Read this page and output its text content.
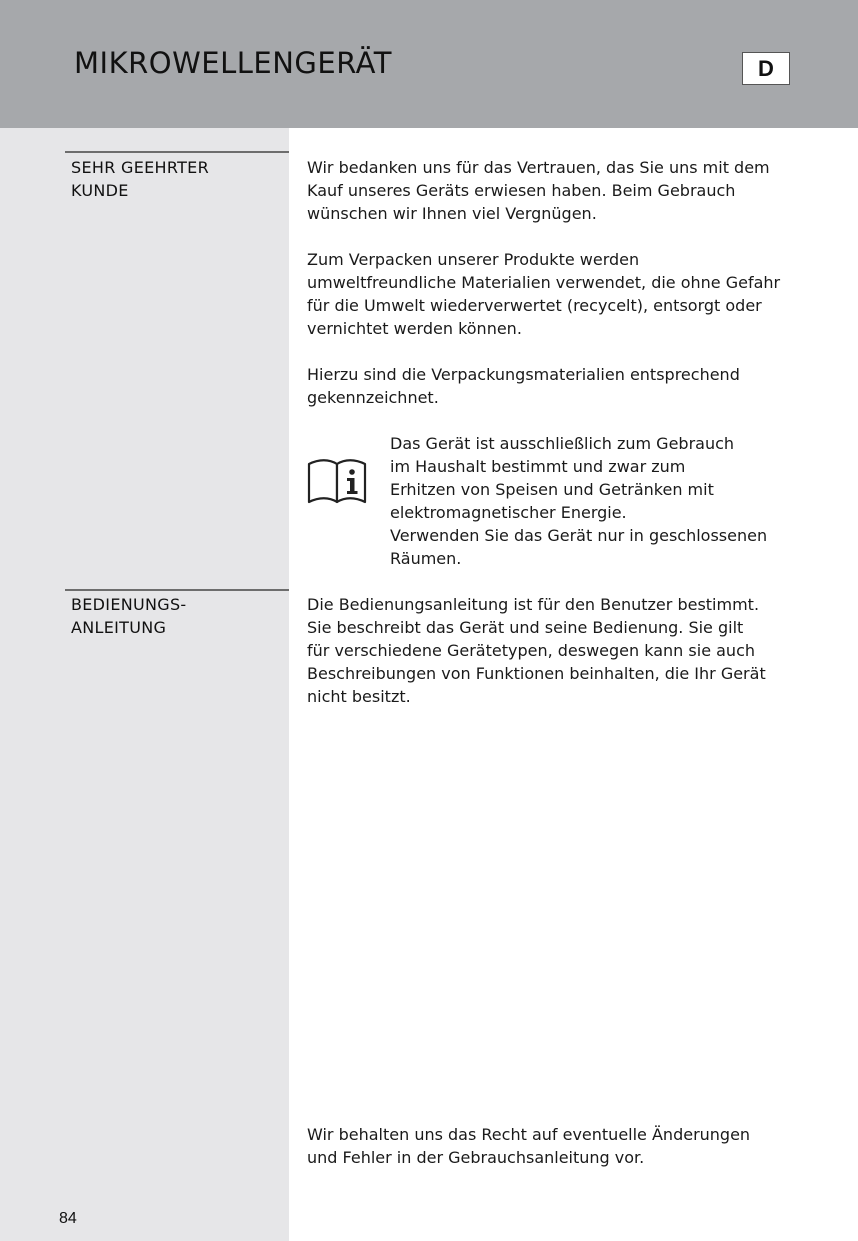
MIKROWELLENGERÄT	D
SEHR GEEHRTER
KUNDE
Wir bedanken uns für das Vertrauen, das Sie uns mit dem
Kauf unseres Geräts erwiesen haben. Beim Gebrauch
wünschen wir Ihnen viel Vergnügen.
Zum Verpacken unserer Produkte werden
umweltfreundliche Materialien verwendet, die ohne Gefahr
für die Umwelt wiederverwertet (recycelt), entsorgt oder
vernichtet werden können.
Hierzu sind die Verpackungsmaterialien entsprechend
gekennzeichnet.
Das Gerät ist ausschließlich zum Gebrauch
im Haushalt bestimmt und zwar zum
Erhitzen von Speisen und Getränken mit
elektromagnetischer Energie.
Verwenden Sie das Gerät nur in geschlossenen
Räumen.
BEDIENUNGS-
ANLEITUNG
Die Bedienungsanleitung ist für den Benutzer bestimmt.
Sie beschreibt das Gerät und seine Bedienung. Sie gilt
für verschiedene Gerätetypen, deswegen kann sie auch
Beschreibungen von Funktionen beinhalten, die Ihr Gerät
nicht besitzt.
Wir behalten uns das Recht auf eventuelle Änderungen
und Fehler in der Gebrauchsanleitung vor.
84
